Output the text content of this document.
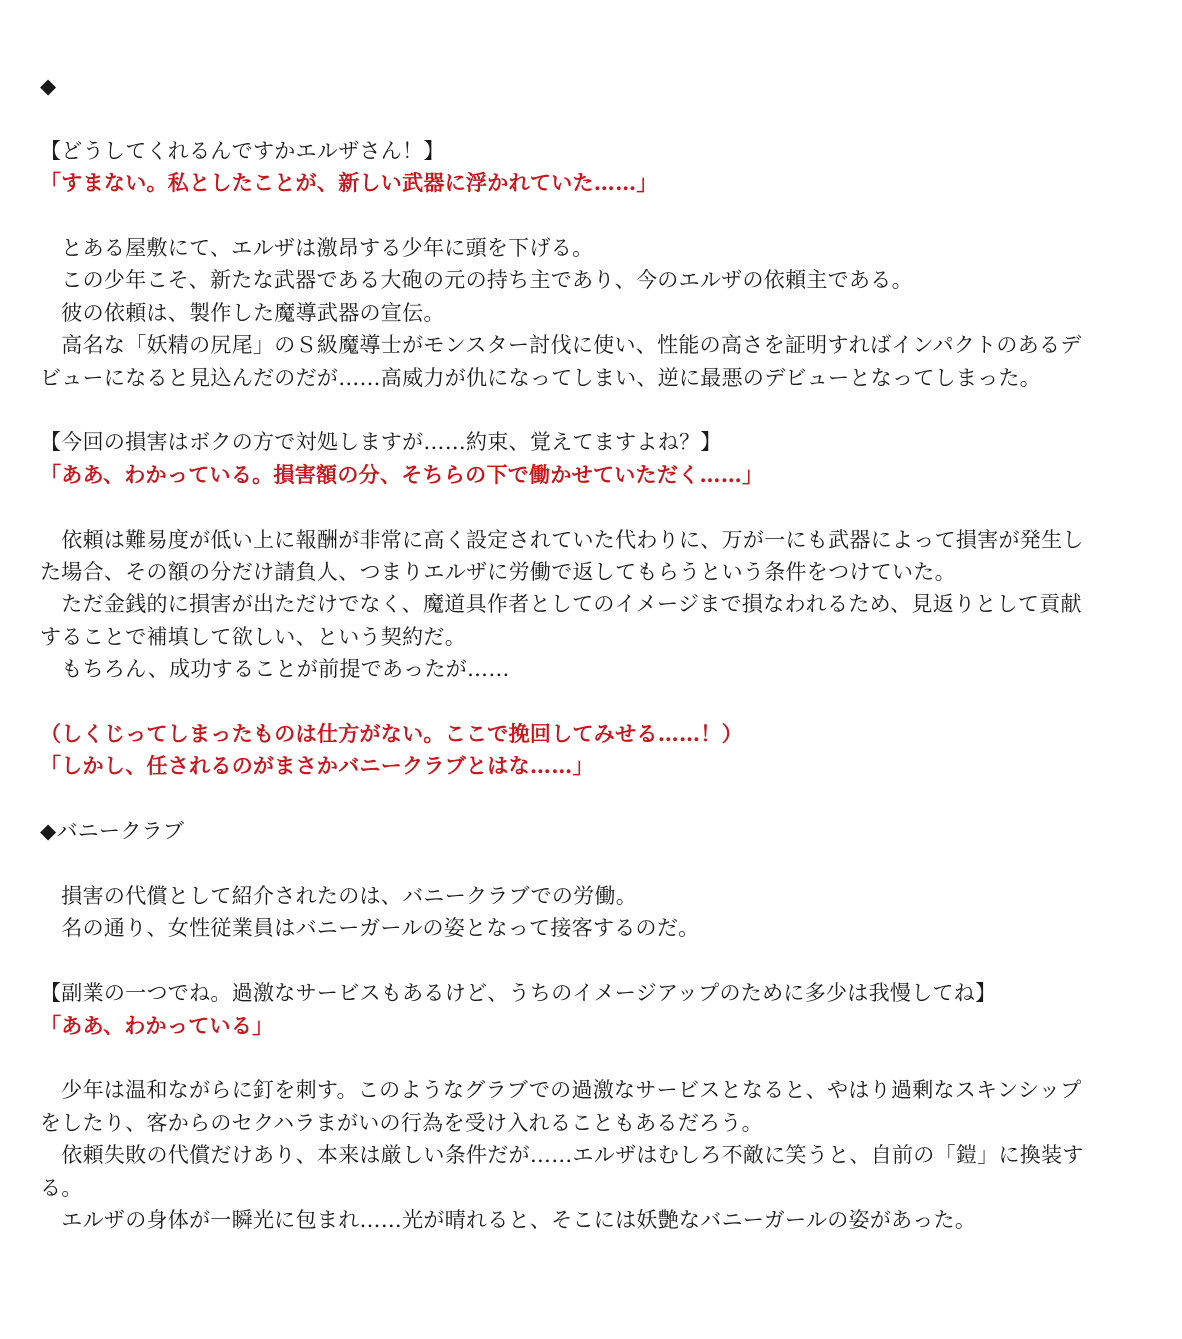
◆
【どうしてくれるんですかエルザさん！】
「すまない。私としたことが、新しい武器に浮かれていた……」
　とある屋敷にて、エルザは激昂する少年に頭を下げる。
　この少年こそ、新たな武器である大砲の元の持ち主であり、今のエルザの依頼主である。
　彼の依頼は、製作した魔導武器の宣伝。
　高名な「妖精の尻尾」のＳ級魔導士がモンスター討伐に使い、性能の高さを証明すればインパクトのあるデ
ビューになると見込んだのだが……高威力が仇になってしまい、逆に最悪のデビューとなってしまった。
【今回の損害はボクの方で対処しますが……約束、覚えてますよね？】
「ああ、わかっている。損害額の分、そちらの下で働かせていただく……」
　依頼は難易度が低い上に報酬が非常に高く設定されていた代わりに、万が一にも武器によって損害が発生し
た場合、その額の分だけ請負人、つまりエルザに労働で返してもらうという条件をつけていた。
　ただ金銭的に損害が出ただけでなく、魔道具作者としてのイメージまで損なわれるため、見返りとして貢献
することで補填して欲しい、という契約だ。
　もちろん、成功することが前提であったが……
（しくじってしまったものは仕方がない。ここで挽回してみせる……！）
「しかし、任されるのがまさかバニークラブとはな……」
◆バニークラブ
　損害の代償として紹介されたのは、バニークラブでの労働。
　名の通り、女性従業員はバニーガールの姿となって接客するのだ。
【副業の一つでね。過激なサービスもあるけど、うちのイメージアップのために多少は我慢してね】
「ああ、わかっている」
　少年は温和ながらに釘を刺す。このようなグラブでの過激なサービスとなると、やはり過剰なスキンシップ
をしたり、客からのセクハラまがいの行為を受け入れることもあるだろう。
　依頼失敗の代償だけあり、本来は厳しい条件だが……エルザはむしろ不敵に笑うと、自前の「鎧」に換装す
る。
　エルザの身体が一瞬光に包まれ……光が晴れると、そこには妖艶なバニーガールの姿があった。
